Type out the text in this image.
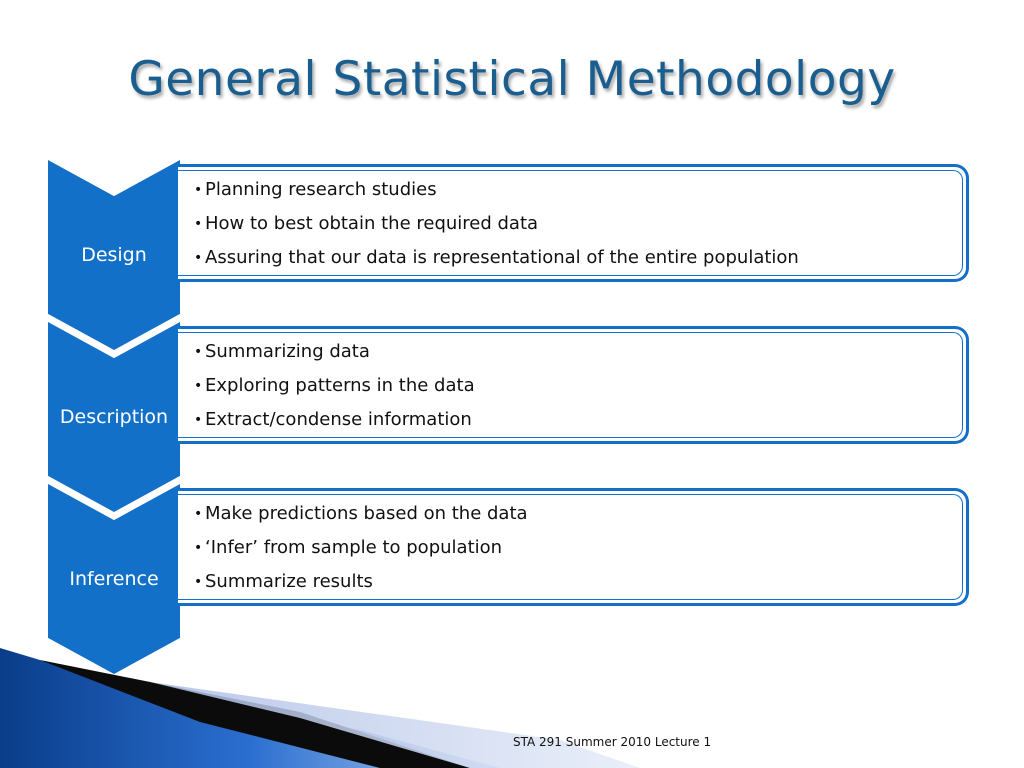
General Statistical Methodology
• Planning research studies
• How to best obtain the required data
• Assuring that our data is representational of the entire population
Design
• Summarizing data
• Exploring patterns in the data
• Extract/condense information
Description
• Make predictions based on the data
• ‘Infer’ from sample to population
• Summarize results
Inference
STA 291 Summer 2010 Lecture 1
